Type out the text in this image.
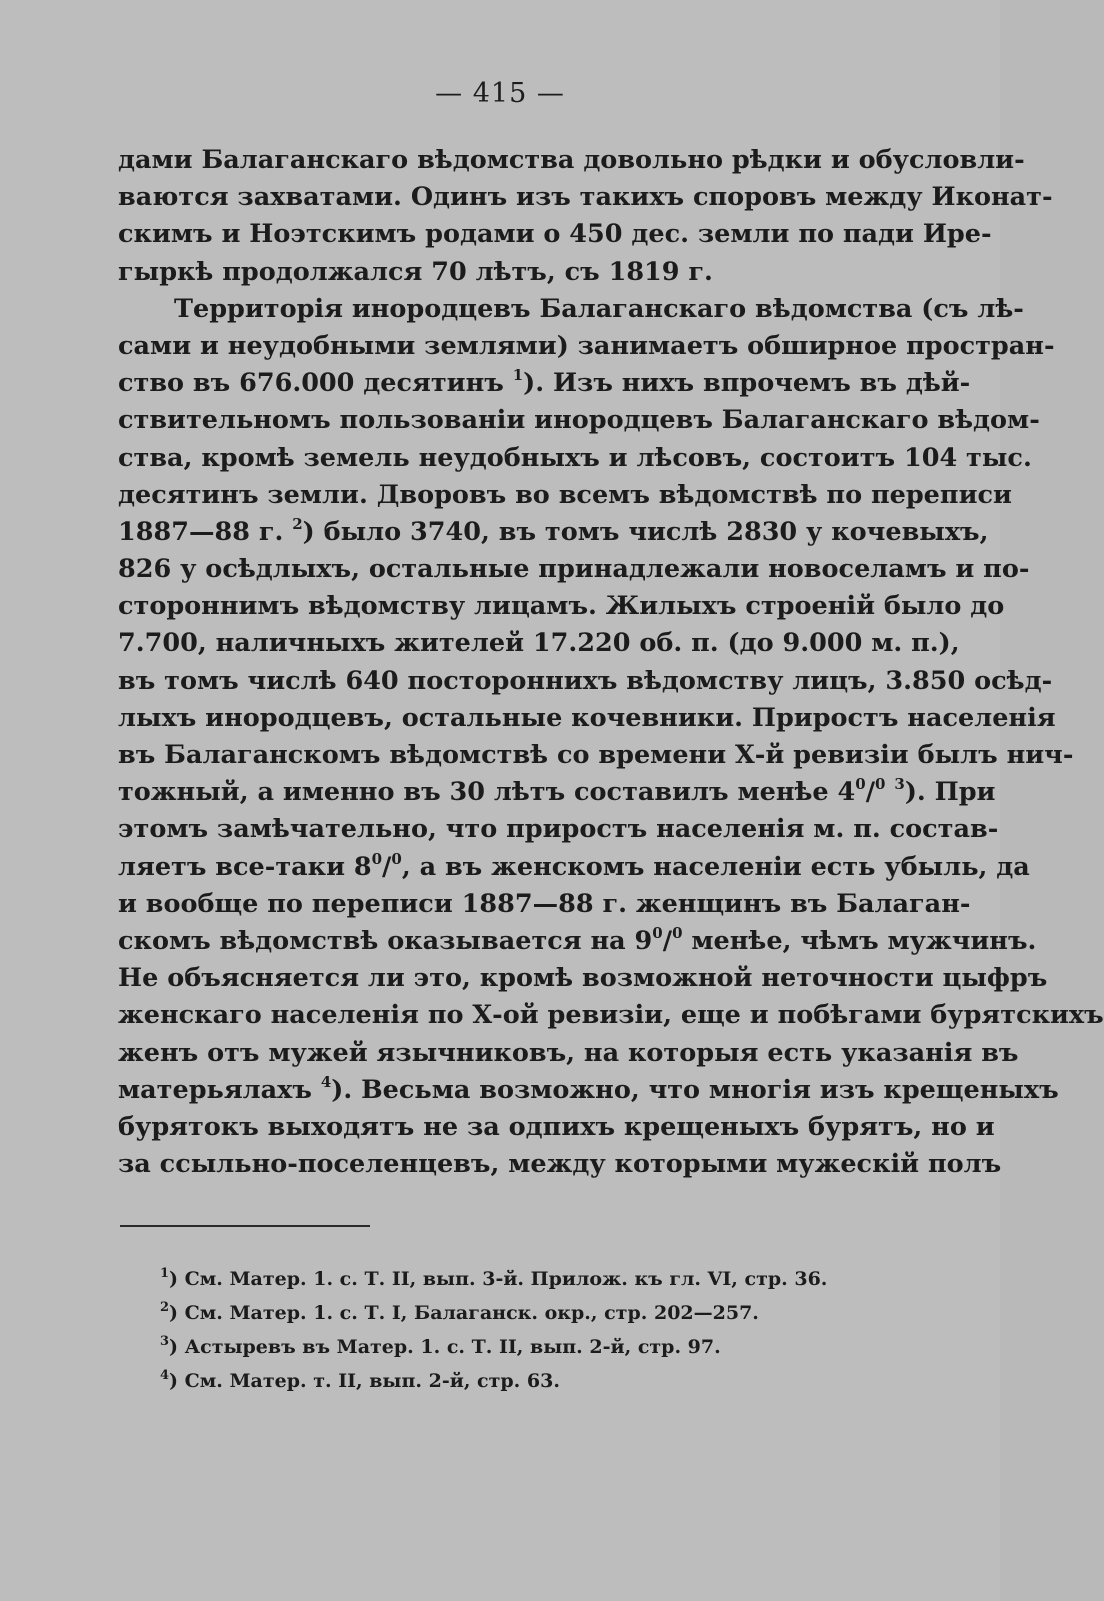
— 415 —
дами Балаганскаго вѣдомства довольно рѣдки и обусловли-
ваются захватами. Одинъ изъ такихъ споровъ между Иконат-
скимъ и Ноэтскимъ родами о 450 дес. земли по пади Ире-
гыркѣ продолжался 70 лѣтъ, съ 1819 г.
Территорія инородцевъ Балаганскаго вѣдомства (съ лѣ-
сами и неудобными землями) занимаетъ обширное простран-
ство въ 676.000 десятинъ $^1$). Изъ нихъ впрочемъ въ дѣй-
ствительномъ пользованіи инородцевъ Балаганскаго вѣдом-
ства, кромѣ земель неудобныхъ и лѣсовъ, состоитъ 104 тыс.
десятинъ земли. Дворовъ во всемъ вѣдомствѣ по переписи
1887—88 г. $^2$) было 3740, въ томъ числѣ 2830 у кочевыхъ,
826 у осѣдлыхъ, остальные принадлежали новоселамъ и по-
стороннимъ вѣдомству лицамъ. Жилыхъ строеній было до
7.700, наличныхъ жителей 17.220 об. п. (до 9.000 м. п.),
въ томъ числѣ 640 постороннихъ вѣдомству лицъ, 3.850 осѣд-
лыхъ инородцевъ, остальные кочевники. Приростъ населенія
въ Балаганскомъ вѣдомствѣ со времени Х-й ревизіи былъ нич-
тожный, а именно въ 30 лѣтъ составилъ менѣе $4^0/^0$ $^3$). При
этомъ замѣчательно, что приростъ населенія м. п. состав-
ляетъ все-таки $8^0/^0$, а въ женскомъ населеніи есть убыль, да
и вообще по переписи 1887—88 г. женщинъ въ Балаган-
скомъ вѣдомствѣ оказывается на $9^0/^0$ менѣе, чѣмъ мужчинъ.
Не объясняется ли это, кромѣ возможной неточности цыфръ
женскаго населенія по Х-ой ревизіи, еще и побѣгами бурятскихъ
женъ отъ мужей язычниковъ, на которыя есть указанія въ
матерьялахъ $^4$). Весьма возможно, что многія изъ крещеныхъ
бурятокъ выходятъ не за одпихъ крещеныхъ бурятъ, но и
за ссыльно-поселенцевъ, между которыми мужескій полъ
$^1$) См. Матер. 1. с. Т. II, вып. 3-й. Прилож. къ гл. VI, стр. 36.
$^2$) См. Матер. 1. с. Т. I, Балаганск. окр., стр. 202—257.
$^3$) Астыревъ въ Матер. 1. с. Т. II, вып. 2-й, стр. 97.
$^4$) См. Матер. т. II, вып. 2-й, стр. 63.
